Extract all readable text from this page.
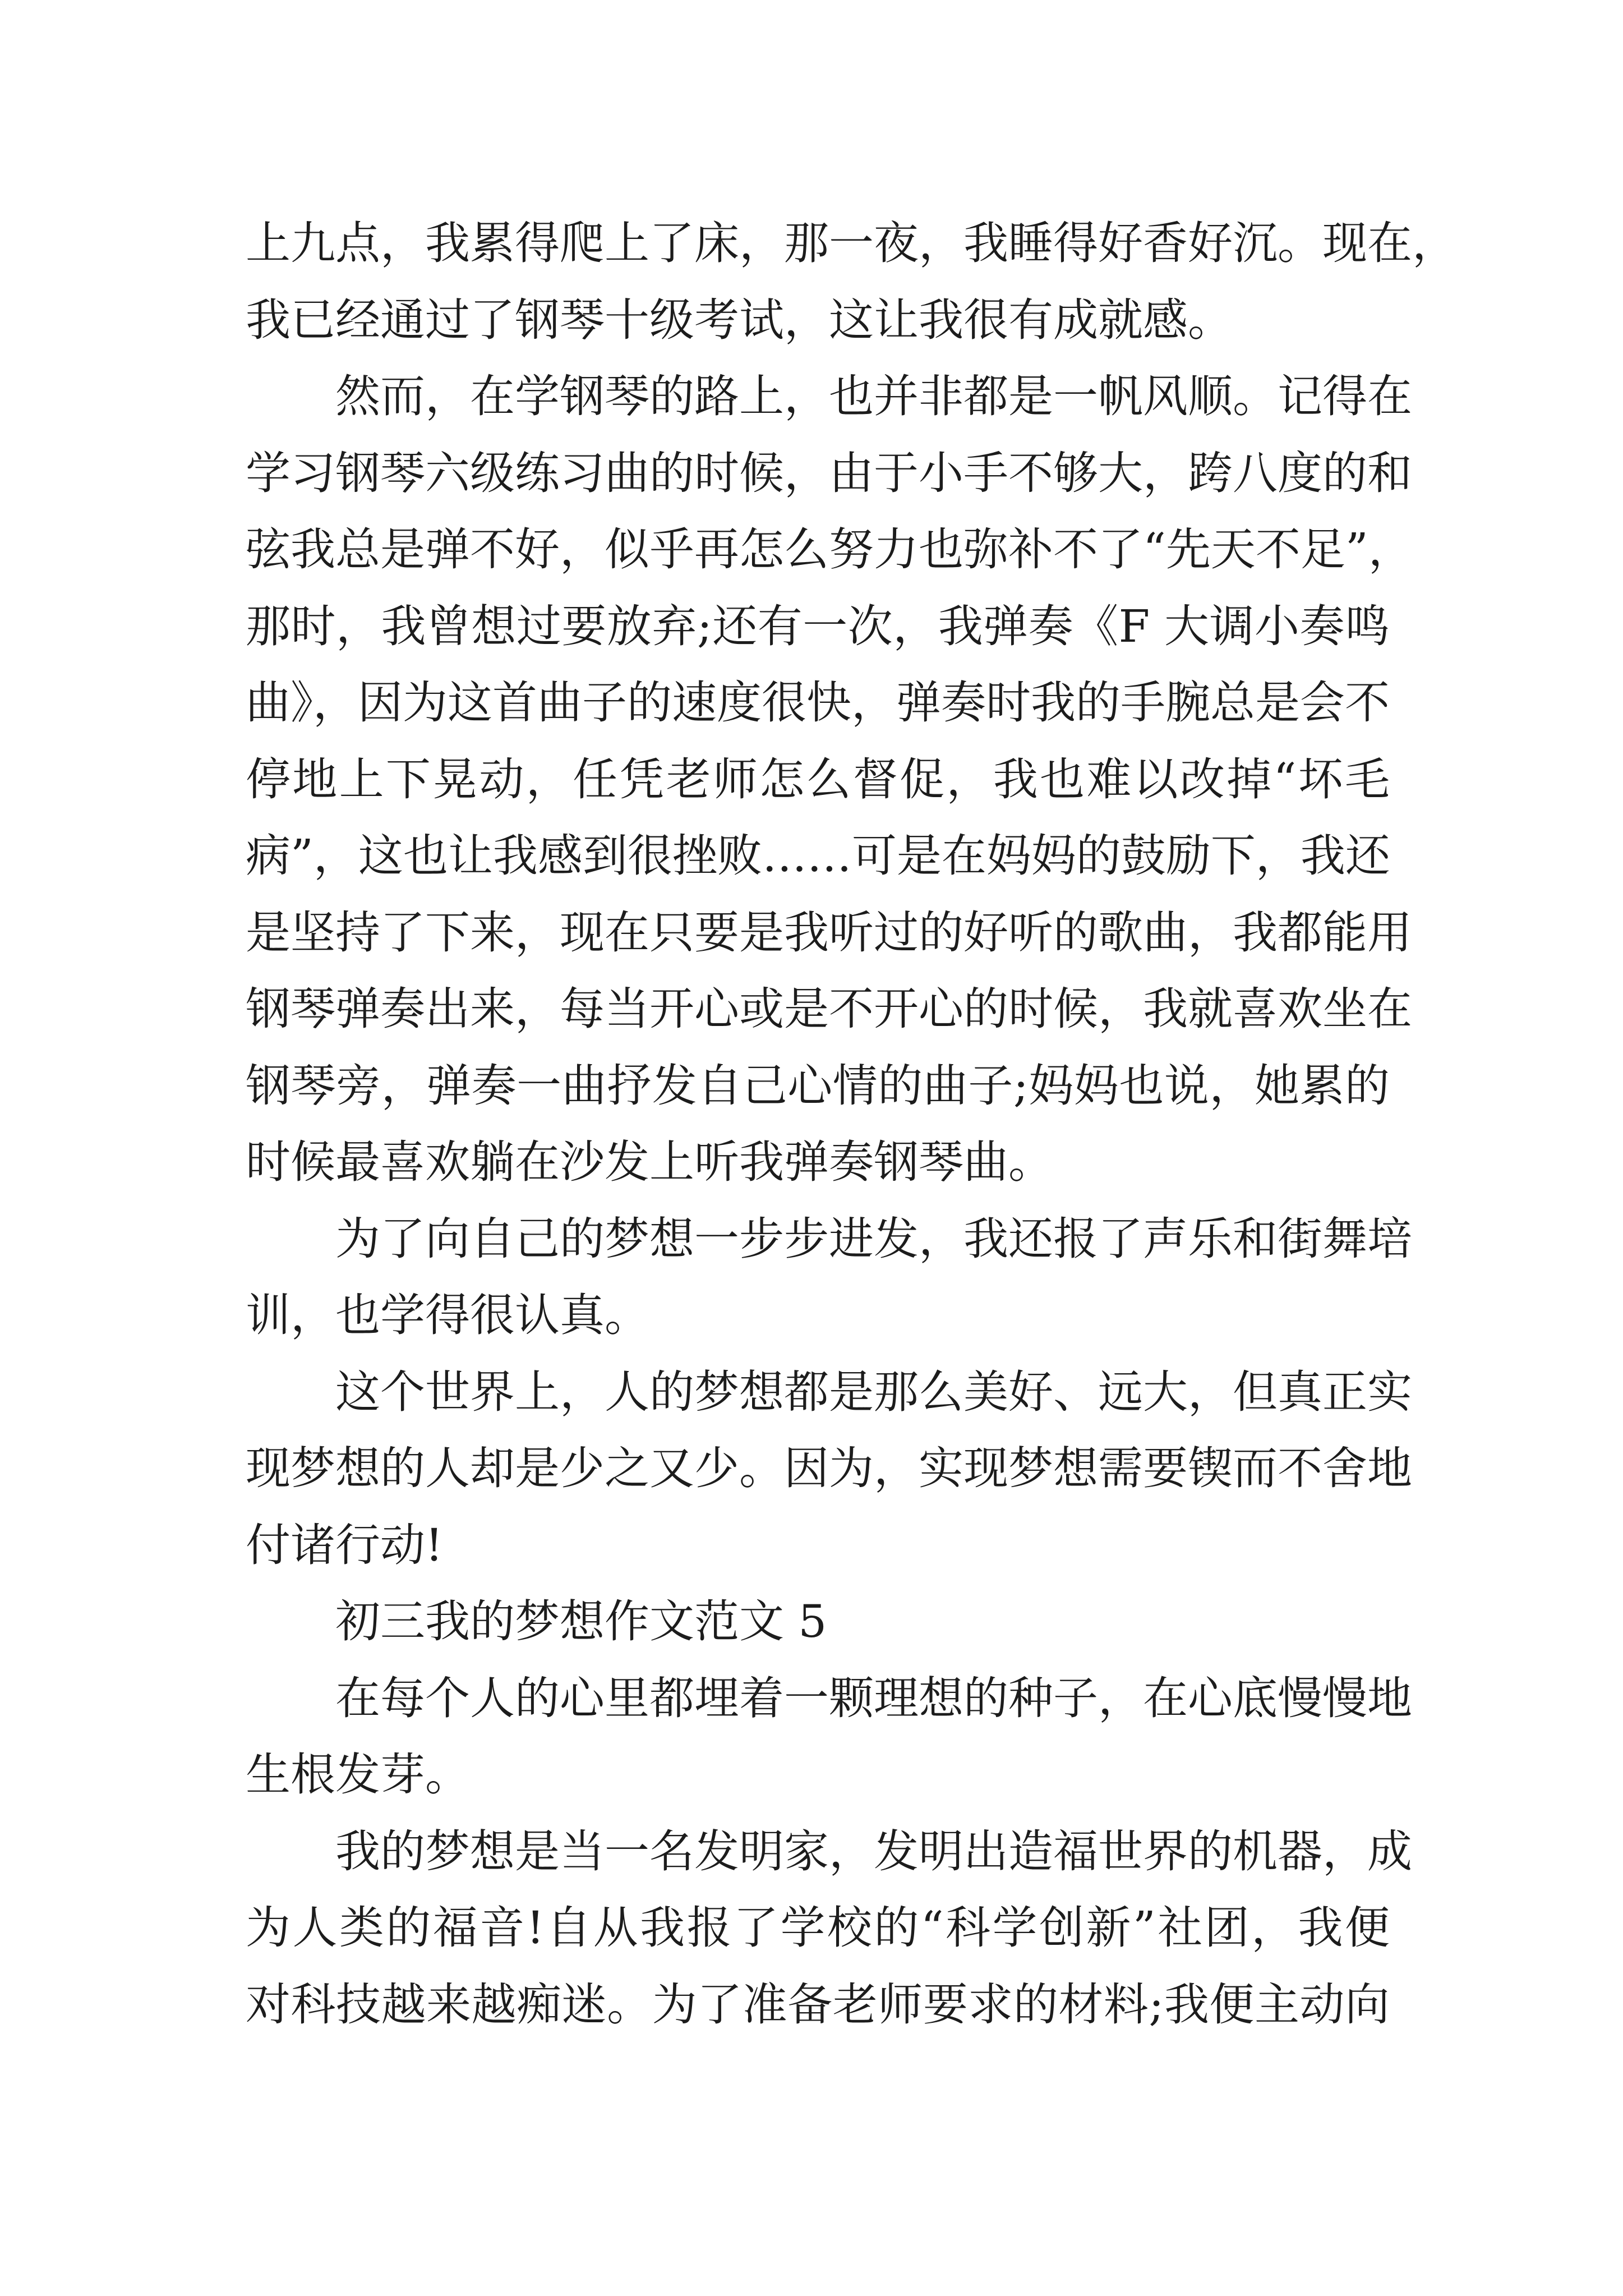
上九点，我累得爬上了床，那一夜，我睡得好香好沉。现在，
我已经通过了钢琴十级考试，这让我很有成就感。
然而，在学钢琴的路上，也并非都是一帆风顺。记得在
学习钢琴六级练习曲的时候，由于小手不够大，跨八度的和
弦我总是弹不好，似乎再怎么努力也弥补不了“先天不足”，
那时，我曾想过要放弃;还有一次，我弹奏《F 大调小奏鸣
曲》，因为这首曲子的速度很快，弹奏时我的手腕总是会不
停地上下晃动，任凭老师怎么督促，我也难以改掉“坏毛
病”，这也让我感到很挫败……可是在妈妈的鼓励下，我还
是坚持了下来，现在只要是我听过的好听的歌曲，我都能用
钢琴弹奏出来，每当开心或是不开心的时候，我就喜欢坐在
钢琴旁，弹奏一曲抒发自己心情的曲子;妈妈也说，她累的
时候最喜欢躺在沙发上听我弹奏钢琴曲。
为了向自己的梦想一步步进发，我还报了声乐和街舞培
训，也学得很认真。
这个世界上，人的梦想都是那么美好、远大，但真正实
现梦想的人却是少之又少。因为，实现梦想需要锲而不舍地
付诸行动!
初三我的梦想作文范文 5
在每个人的心里都埋着一颗理想的种子，在心底慢慢地
生根发芽。
我的梦想是当一名发明家，发明出造福世界的机器，成
为人类的福音!自从我报了学校的“科学创新”社团，我便
对科技越来越痴迷。为了准备老师要求的材料;我便主动向
